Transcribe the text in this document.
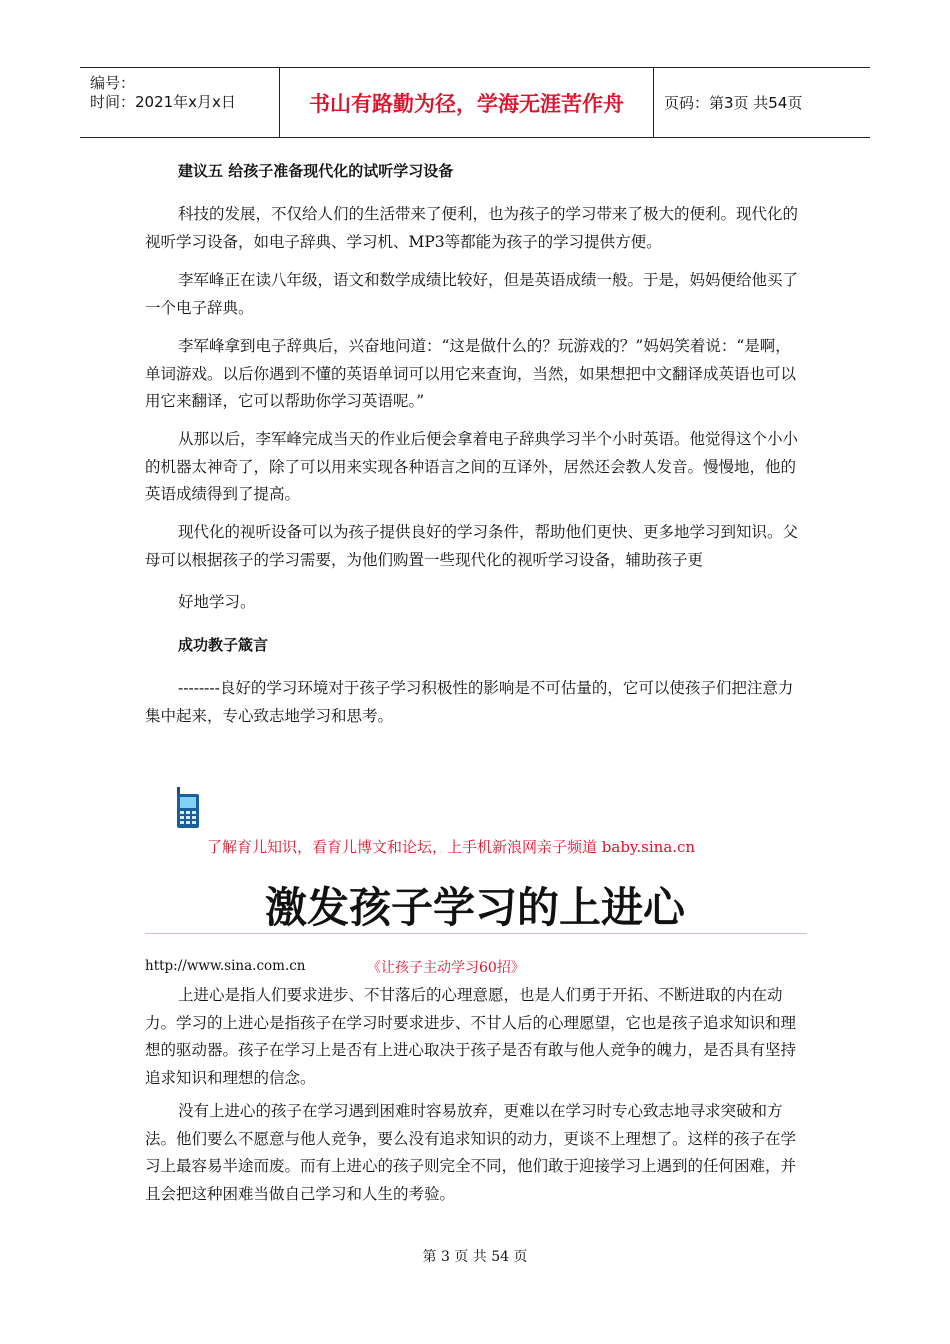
编号：
时间：2021年x月x日	书山有路勤为径，学海无涯苦作舟	页码：第3页 共54页

建议五 给孩子准备现代化的试听学习设备

科技的发展，不仅给人们的生活带来了便利，也为孩子的学习带来了极大的便利。现代化的视听学习设备，如电子辞典、学习机、MP3等都能为孩子的学习提供方便。

李军峰正在读八年级，语文和数学成绩比较好，但是英语成绩一般。于是，妈妈便给他买了一个电子辞典。

李军峰拿到电子辞典后，兴奋地问道：“这是做什么的？玩游戏的？”妈妈笑着说：“是啊，单词游戏。以后你遇到不懂的英语单词可以用它来查询，当然，如果想把中文翻译成英语也可以用它来翻译，它可以帮助你学习英语呢。”

从那以后，李军峰完成当天的作业后便会拿着电子辞典学习半个小时英语。他觉得这个小小的机器太神奇了，除了可以用来实现各种语言之间的互译外，居然还会教人发音。慢慢地，他的英语成绩得到了提高。

现代化的视听设备可以为孩子提供良好的学习条件，帮助他们更快、更多地学习到知识。父母可以根据孩子的学习需要，为他们购置一些现代化的视听学习设备，辅助孩子更

好地学习。

成功教子箴言

--------良好的学习环境对于孩子学习积极性的影响是不可估量的，它可以使孩子们把注意力集中起来，专心致志地学习和思考。

了解育儿知识，看育儿博文和论坛，上手机新浪网亲子频道 baby.sina.cn
激发孩子学习的上进心
http://www.sina.com.cn	《让孩子主动学习60招》

上进心是指人们要求进步、不甘落后的心理意愿，也是人们勇于开拓、不断进取的内在动力。学习的上进心是指孩子在学习时要求进步、不甘人后的心理愿望，它也是孩子追求知识和理想的驱动器。孩子在学习上是否有上进心取决于孩子是否有敢与他人竞争的魄力，是否具有坚持追求知识和理想的信念。

没有上进心的孩子在学习遇到困难时容易放弃，更难以在学习时专心致志地寻求突破和方法。他们要么不愿意与他人竞争，要么没有追求知识的动力，更谈不上理想了。这样的孩子在学习上最容易半途而废。而有上进心的孩子则完全不同，他们敢于迎接学习上遇到的任何困难，并且会把这种困难当做自己学习和人生的考验。

第 3 页 共 54 页
